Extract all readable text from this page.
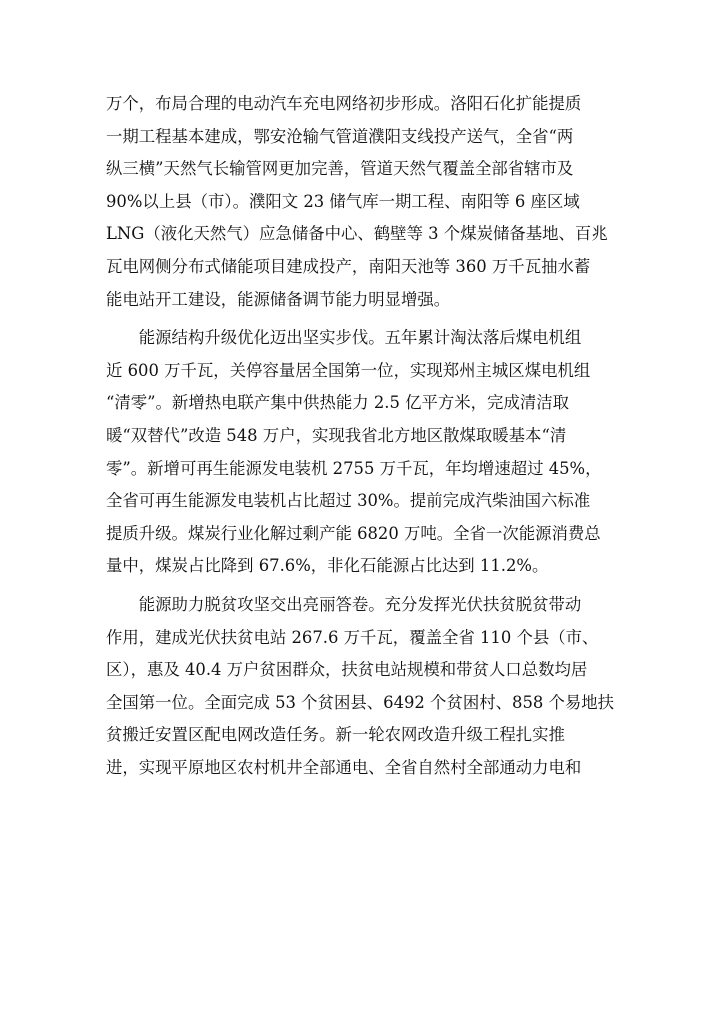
万个，布局合理的电动汽车充电网络初步形成。洛阳石化扩能提质
一期工程基本建成，鄂安沧输气管道濮阳支线投产送气，全省“两
纵三横”天然气长输管网更加完善，管道天然气覆盖全部省辖市及
90%以上县（市）。濮阳文 23 储气库一期工程、南阳等 6 座区域
LNG（液化天然气）应急储备中心、鹤壁等 3 个煤炭储备基地、百兆
瓦电网侧分布式储能项目建成投产，南阳天池等 360 万千瓦抽水蓄
能电站开工建设，能源储备调节能力明显增强。
　　能源结构升级优化迈出坚实步伐。五年累计淘汰落后煤电机组
近 600 万千瓦，关停容量居全国第一位，实现郑州主城区煤电机组
“清零”。新增热电联产集中供热能力 2.5 亿平方米，完成清洁取
暖“双替代”改造 548 万户，实现我省北方地区散煤取暖基本“清
零”。新增可再生能源发电装机 2755 万千瓦，年均增速超过 45%，
全省可再生能源发电装机占比超过 30%。提前完成汽柴油国六标准
提质升级。煤炭行业化解过剩产能 6820 万吨。全省一次能源消费总
量中，煤炭占比降到 67.6%，非化石能源占比达到 11.2%。
　　能源助力脱贫攻坚交出亮丽答卷。充分发挥光伏扶贫脱贫带动
作用，建成光伏扶贫电站 267.6 万千瓦，覆盖全省 110 个县（市、
区），惠及 40.4 万户贫困群众，扶贫电站规模和带贫人口总数均居
全国第一位。全面完成 53 个贫困县、6492 个贫困村、858 个易地扶
贫搬迁安置区配电网改造任务。新一轮农网改造升级工程扎实推
进，实现平原地区农村机井全部通电、全省自然村全部通动力电和
